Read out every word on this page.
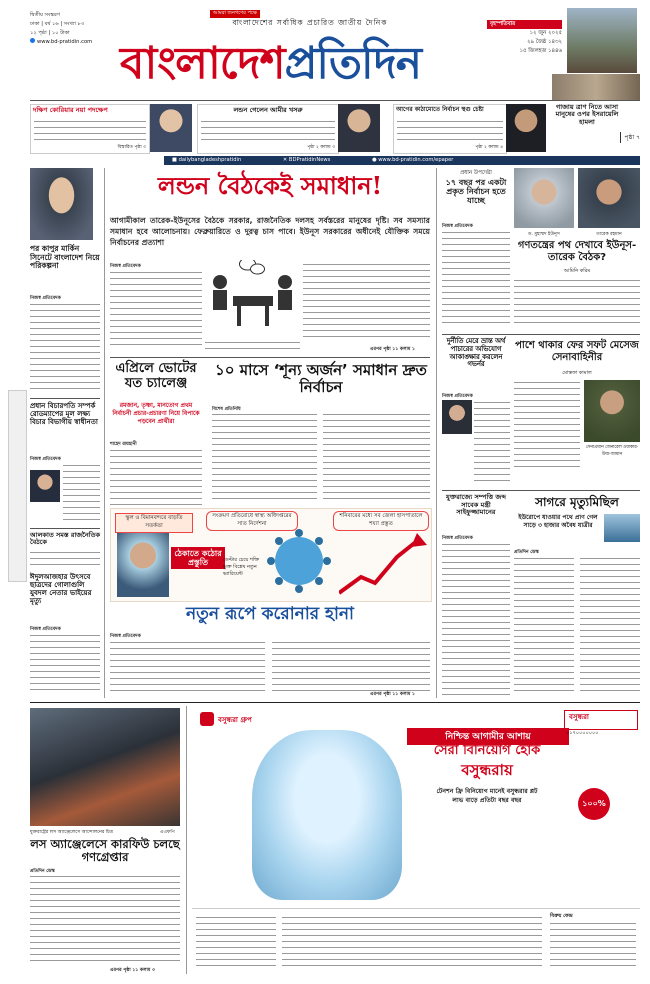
দ্বিতীয় সংস্করণ
ঢাকা | বর্ষ ১৬ | সংখ্যা ৮৩
১২ পৃষ্ঠা | ১০ টাকা
www.bd-pratidin.com
আমরা জনগণের পক্ষে
বাংলাদেশের সর্বাধিক প্রচারিত জাতীয় দৈনিক
বাংলাদেশপ্রতিদিন
বৃহস্পতিবার
১২ জুন ২০২৫
২৯ জৈষ্ঠ ১৪৩২
১৫ জিলহজ ১৪৪৬
দক্ষিণ কোরিয়ার নয়া পদক্ষেপ
বিস্তারিত পৃষ্ঠা ৩
লন্ডন গেলেন আমীর খসরু
পৃষ্ঠা ২ কলাম ৩
আগের কাঠামোতে নির্বাচন স্থগু চেষ্টা
পৃষ্ঠা ২ কলাম ৪
গাজায় ত্রাণ নিতে আসা মানুষের ওপর ইসরায়েলি হামলা
পৃষ্ঠা ৭
■ dailybangladeshpratidin	✕ BDPratidinNews	● www.bd-pratidin.com/epaper
পর কাপুর মার্কিন সিনেটে বাংলাদেশ নিয়ে পরিকল্পনা
নিজস্ব প্রতিবেদক
প্রধান বিচারপতি সম্পর্ক রোডম্যাপের মূল লক্ষ্য বিচার বিভাগীয় স্বাধীনতা
নিজস্ব প্রতিবেদক
আলকাত সমস্ত রাজনৈতিক বৈঠকে
ঈদুলআজহার উৎসবে ছাত্রদের গোলাগুলি যুবদল নেতার ভাইয়ের মৃত্যু
নিজস্ব প্রতিবেদক
লন্ডন বৈঠকেই সমাধান!
আগামীকাল তারেক-ইউনূসের বৈঠকে সরকার, রাজনৈতিক দলসহ সর্বস্তরের মানুষের দৃষ্টি। সব সমস্যার সমাধান হবে আলোচনায়। ফেব্রুয়ারিতে ও দুরত্ব চাস পাবে। ইউনূস সরকারের অধীনেই যৌক্তিক সময়ে নির্বাচনের প্রত্যাশা
নিজস্ব প্রতিবেদক
এরপর পৃষ্ঠা ১১ কলাম ১
এপ্রিলে ভোটের যত চ্যালেঞ্জ
রমজান, তৃষ্ণা, মানতোগ প্রথম নির্বাচনী প্রচার-প্রচারণা নিয়ে বিপাকে পড়বেন প্রার্থীরা
শাহেদ রায়হানী
১০ মাসে ‘শূন্য অর্জন’ সমাধান দ্রুত নির্বাচন
বিশেষ প্রতিনিধি
স্কুল ও বিমানবন্দরে বাড়তি সতর্কতা
সংক্রমণ প্রতিরোধে স্বাস্থ্য অধিদপ্তরের সাত নির্দেশনা
শনিবারের মধ্যে সব জেলা হাসপাতালে শয্যা প্রস্তুত
ঠেকাতে কঠোর প্রস্তুতি	ডেল্টার চেয়ে শক্তি ভুক্ত বিশ্লেষ নতুন ভ্যারিয়েন্ট
নতুন রূপে করোনার হানা
নিজস্ব প্রতিবেদক
এরপর পৃষ্ঠা ১১ কলাম ১
প্রধান উপদেষ্টা
১৭ বছর পর একটা প্রকৃত নির্বাচন হতে যাচ্ছে
নিজস্ব প্রতিবেদক
ড. মুহাম্মদ ইউনূস	তারেক রহমান
গণতন্ত্রের পথ দেখাবে ইউনূস-তারেক বৈঠক?
আমিনি করিম
দুর্নীতি মেরে ভ্রান্ত অর্থ পাচারের অভিযোগ আকাঙ্ক্ষার করলেন গভর্নর
নিজস্ব প্রতিবেদক
পাশে থাকার ফের সফট মেসেজ সেনাবাহিনীর
মোস্তফা কামাল
সেনাপ্রধান জেনারেল ওয়াকার-উজ-জামান
যুক্তরাজ্যে সম্পত্তি জব্দ সাবেক মন্ত্রী সাইফুজ্জামানের
নিজস্ব প্রতিবেদক
সাগরে মৃত্যুমিছিল
ইউরোপে যাওয়ার পথে প্রাণ গেল সাড়ে ৩ হাজার অবৈধ যাত্রীর
প্রতিদিন ডেস্ক
যুক্তরাষ্ট্রের লস অ্যাঞ্জেলেসে আন্দোলনের চিত্র	এএফপি
লস অ্যাঞ্জেলেসে কারফিউ চলছে গণগ্রেপ্তার
প্রতিদিন ডেস্ক
এরপর পৃষ্ঠা ১১ কলাম ৩
বসুন্ধরা গ্রুপ
নিশ্চিন্ত আগামীর আশায়
সেরা বিনিয়োগ হোক
বসুন্ধরায়
টেনশন ফ্রি বিনিয়োগ মানেই বসুন্ধরার প্লট
লাভ বাড়ে প্রতিটা বছর বছর	১০০%
বসুন্ধরা
০১৭০০০০০০০
বিক্রয় কেন্দ্র
